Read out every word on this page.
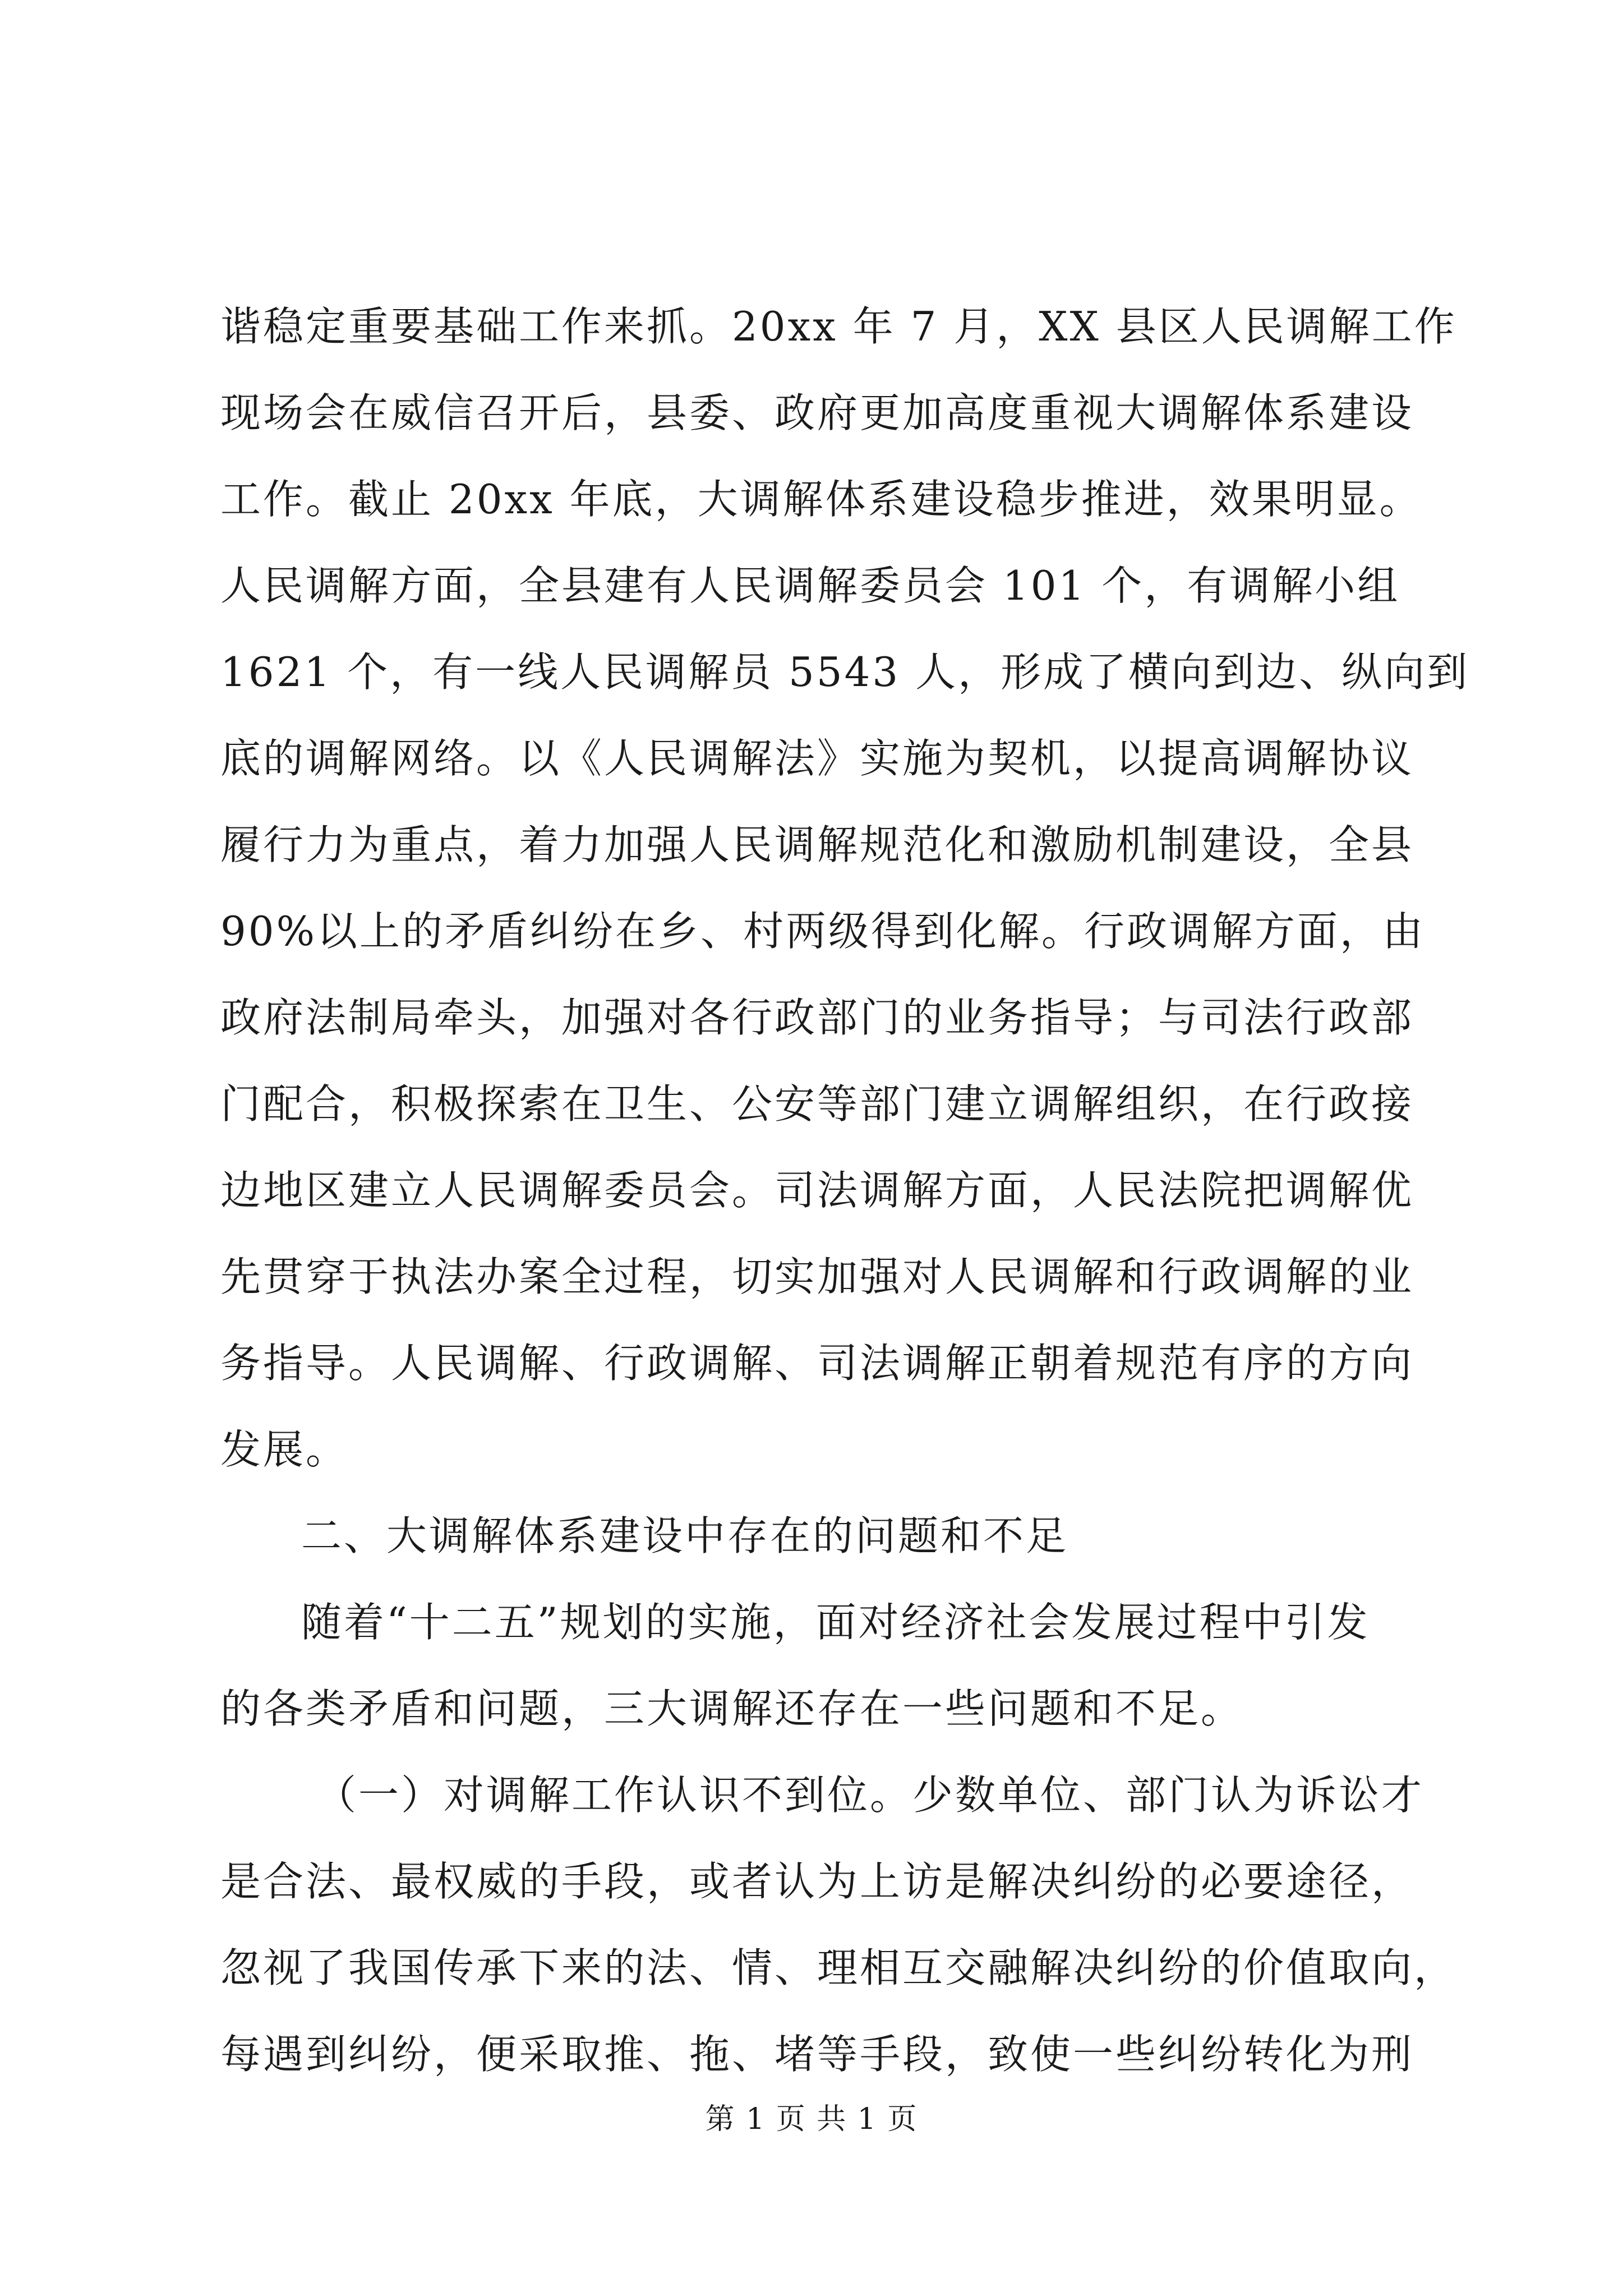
谐稳定重要基础工作来抓。20xx 年 7 月，XX 县区人民调解工作
现场会在威信召开后，县委、政府更加高度重视大调解体系建设
工作。截止 20xx 年底，大调解体系建设稳步推进，效果明显。
人民调解方面，全县建有人民调解委员会 101 个，有调解小组
1621 个，有一线人民调解员 5543 人，形成了横向到边、纵向到
底的调解网络。以《人民调解法》实施为契机，以提高调解协议
履行力为重点，着力加强人民调解规范化和激励机制建设，全县
90%以上的矛盾纠纷在乡、村两级得到化解。行政调解方面，由
政府法制局牵头，加强对各行政部门的业务指导；与司法行政部
门配合，积极探索在卫生、公安等部门建立调解组织，在行政接
边地区建立人民调解委员会。司法调解方面，人民法院把调解优
先贯穿于执法办案全过程，切实加强对人民调解和行政调解的业
务指导。人民调解、行政调解、司法调解正朝着规范有序的方向
发展。
二、大调解体系建设中存在的问题和不足
随着“十二五”规划的实施，面对经济社会发展过程中引发
的各类矛盾和问题，三大调解还存在一些问题和不足。
（一）对调解工作认识不到位。少数单位、部门认为诉讼才
是合法、最权威的手段，或者认为上访是解决纠纷的必要途径，
忽视了我国传承下来的法、情、理相互交融解决纠纷的价值取向，
每遇到纠纷，便采取推、拖、堵等手段，致使一些纠纷转化为刑
第 1 页 共 1 页
